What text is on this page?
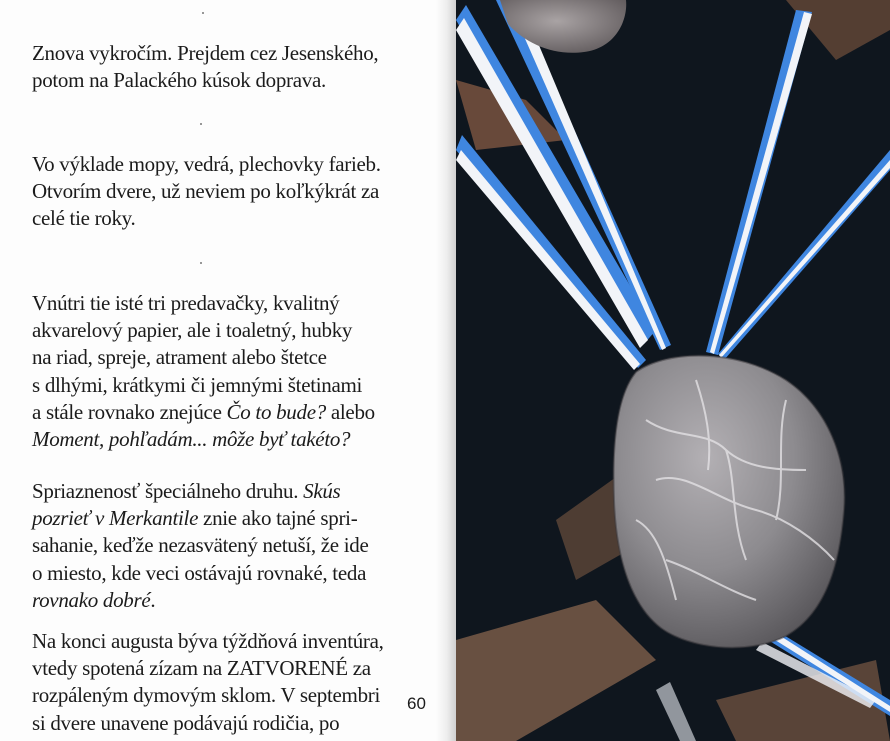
Znova vykročím. Prejdem cez Jesenského,
potom na Palackého kúsok doprava.

Vo výklade mopy, vedrá, plechovky farieb.
Otvorím dvere, už neviem po koľkýkrát za
celé tie roky.

Vnútri tie isté tri predavačky, kvalitný
akvarelový papier, ale i toaletný, hubky
na riad, spreje, atrament alebo štetce
s dlhými, krátkymi či jemnými štetinami
a stále rovnako znejúce Čo to bude? alebo
Moment, pohľadám... môže byť takéto?

Spriaznenosť špeciálneho druhu. Skús
pozrieť v Merkantile znie ako tajné spri-
sahanie, keďže nezasvätený netuší, že ide
o miesto, kde veci ostávajú rovnaké, teda
rovnako dobré.

Na konci augusta býva týždňová inventúra,
vtedy spotená zízam na ZATVORENÉ za
rozpáleným dymovým sklom. V septembri
si dvere unavene podávajú rodičia, po

60
